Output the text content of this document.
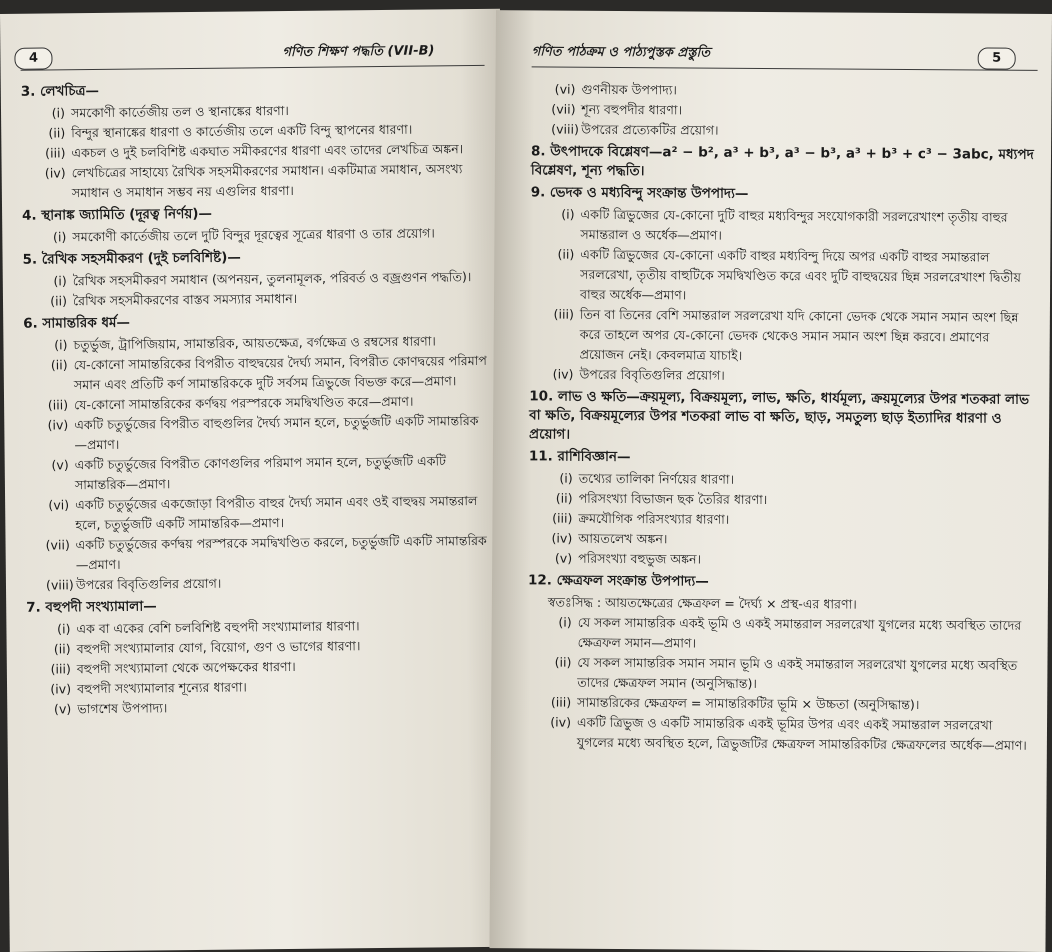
4	গণিত শিক্ষণ পদ্ধতি (VII-B)
3. লেখচিত্র—
(i) সমকোণী কার্তেজীয় তল ও স্থানাঙ্কের ধারণা।
(ii) বিন্দুর স্থানাঙ্কের ধারণা ও কার্তেজীয় তলে একটি বিন্দু স্থাপনের ধারণা।
(iii) একচল ও দুই চলবিশিষ্ট একঘাত সমীকরণের ধারণা এবং তাদের লেখচিত্র অঙ্কন।
(iv) লেখচিত্রের সাহায্যে রৈখিক সহসমীকরণের সমাধান। একটিমাত্র সমাধান, অসংখ্য সমাধান ও সমাধান সম্ভব নয় এগুলির ধারণা।
4. স্থানাঙ্ক জ্যামিতি (দূরত্ব নির্ণয়)—
(i) সমকোণী কার্তেজীয় তলে দুটি বিন্দুর দূরত্বের সূত্রের ধারণা ও তার প্রয়োগ।
5. রৈখিক সহসমীকরণ (দুই চলবিশিষ্ট)—
(i) রৈখিক সহসমীকরণ সমাধান (অপনয়ন, তুলনামূলক, পরিবর্ত ও বজ্রগুণন পদ্ধতি)।
(ii) রৈখিক সহসমীকরণের বাস্তব সমস্যার সমাধান।
6. সামান্তরিক ধর্ম—
(i) চতুর্ভুজ, ট্রাপিজিয়াম, সামান্তরিক, আয়তক্ষেত্র, বর্গক্ষেত্র ও রম্বসের ধারণা।
(ii) যে-কোনো সামান্তরিকের বিপরীত বাহুদ্বয়ের দৈর্ঘ্য সমান, বিপরীত কোণদ্বয়ের পরিমাপ সমান এবং প্রতিটি কর্ণ সামান্তরিককে দুটি সর্বসম ত্রিভুজে বিভক্ত করে—প্রমাণ।
(iii) যে-কোনো সামান্তরিকের কর্ণদ্বয় পরস্পরকে সমদ্বিখণ্ডিত করে—প্রমাণ।
(iv) একটি চতুর্ভুজের বিপরীত বাহুগুলির দৈর্ঘ্য সমান হলে, চতুর্ভুজটি একটি সামান্তরিক—প্রমাণ।
(v) একটি চতুর্ভুজের বিপরীত কোণগুলির পরিমাপ সমান হলে, চতুর্ভুজটি একটি সামান্তরিক—প্রমাণ।
(vi) একটি চতুর্ভুজের একজোড়া বিপরীত বাহুর দৈর্ঘ্য সমান এবং ওই বাহুদ্বয় সমান্তরাল হলে, চতুর্ভুজটি একটি সামান্তরিক—প্রমাণ।
(vii) একটি চতুর্ভুজের কর্ণদ্বয় পরস্পরকে সমদ্বিখণ্ডিত করলে, চতুর্ভুজটি একটি সামান্তরিক—প্রমাণ।
(viii) উপরের বিবৃতিগুলির প্রয়োগ।
7. বহুপদী সংখ্যামালা—
(i) এক বা একের বেশি চলবিশিষ্ট বহুপদী সংখ্যামালার ধারণা।
(ii) বহুপদী সংখ্যামালার যোগ, বিয়োগ, গুণ ও ভাগের ধারণা।
(iii) বহুপদী সংখ্যামালা থেকে অপেক্ষকের ধারণা।
(iv) বহুপদী সংখ্যামালার শূন্যের ধারণা।
(v) ভাগশেষ উপপাদ্য।
গণিত পাঠক্রম ও পাঠ্যপুস্তক প্রস্তুতি	5
(vi) গুণনীয়ক উপপাদ্য।
(vii) শূন্য বহুপদীর ধারণা।
(viii) উপরের প্রত্যেকটির প্রয়োগ।
8. উৎপাদকে বিশ্লেষণ—a² − b², a³ + b³, a³ − b³, a³ + b³ + c³ − 3abc, মধ্যপদ বিশ্লেষণ, শূন্য পদ্ধতি।
9. ভেদক ও মধ্যবিন্দু সংক্রান্ত উপপাদ্য—
(i) একটি ত্রিভুজের যে-কোনো দুটি বাহুর মধ্যবিন্দুর সংযোগকারী সরলরেখাংশ তৃতীয় বাহুর সমান্তরাল ও অর্ধেক—প্রমাণ।
(ii) একটি ত্রিভুজের যে-কোনো একটি বাহুর মধ্যবিন্দু দিয়ে অপর একটি বাহুর সমান্তরাল সরলরেখা, তৃতীয় বাহুটিকে সমদ্বিখণ্ডিত করে এবং দুটি বাহুদ্বয়ের ছিন্ন সরলরেখাংশ দ্বিতীয় বাহুর অর্ধেক—প্রমাণ।
(iii) তিন বা তিনের বেশি সমান্তরাল সরলরেখা যদি কোনো ভেদক থেকে সমান সমান অংশ ছিন্ন করে তাহলে অপর যে-কোনো ভেদক থেকেও সমান সমান অংশ ছিন্ন করবে। প্রমাণের প্রয়োজন নেই। কেবলমাত্র যাচাই।
(iv) উপরের বিবৃতিগুলির প্রয়োগ।
10. লাভ ও ক্ষতি—ক্রয়মূল্য, বিক্রয়মূল্য, লাভ, ক্ষতি, ধার্যমূল্য, ক্রয়মূল্যের উপর শতকরা লাভ বা ক্ষতি, বিক্রয়মূল্যের উপর শতকরা লাভ বা ক্ষতি, ছাড়, সমতুল্য ছাড় ইত্যাদির ধারণা ও প্রয়োগ।
11. রাশিবিজ্ঞান—
(i) তথ্যের তালিকা নির্ণয়ের ধারণা।
(ii) পরিসংখ্যা বিভাজন ছক তৈরির ধারণা।
(iii) ক্রমযৌগিক পরিসংখ্যার ধারণা।
(iv) আয়তলেখ অঙ্কন।
(v) পরিসংখ্যা বহুভুজ অঙ্কন।
12. ক্ষেত্রফল সংক্রান্ত উপপাদ্য—
স্বতঃসিদ্ধ : আয়তক্ষেত্রের ক্ষেত্রফল = দৈর্ঘ্য × প্রস্থ-এর ধারণা।
(i) যে সকল সামান্তরিক একই ভূমি ও একই সমান্তরাল সরলরেখা যুগলের মধ্যে অবস্থিত তাদের ক্ষেত্রফল সমান—প্রমাণ।
(ii) যে সকল সামান্তরিক সমান সমান ভূমি ও একই সমান্তরাল সরলরেখা যুগলের মধ্যে অবস্থিত তাদের ক্ষেত্রফল সমান (অনুসিদ্ধান্ত)।
(iii) সামান্তরিকের ক্ষেত্রফল = সামান্তরিকটির ভূমি × উচ্চতা (অনুসিদ্ধান্ত)।
(iv) একটি ত্রিভুজ ও একটি সামান্তরিক একই ভূমির উপর এবং একই সমান্তরাল সরলরেখা যুগলের মধ্যে অবস্থিত হলে, ত্রিভুজটির ক্ষেত্রফল সামান্তরিকটির ক্ষেত্রফলের অর্ধেক—প্রমাণ।
